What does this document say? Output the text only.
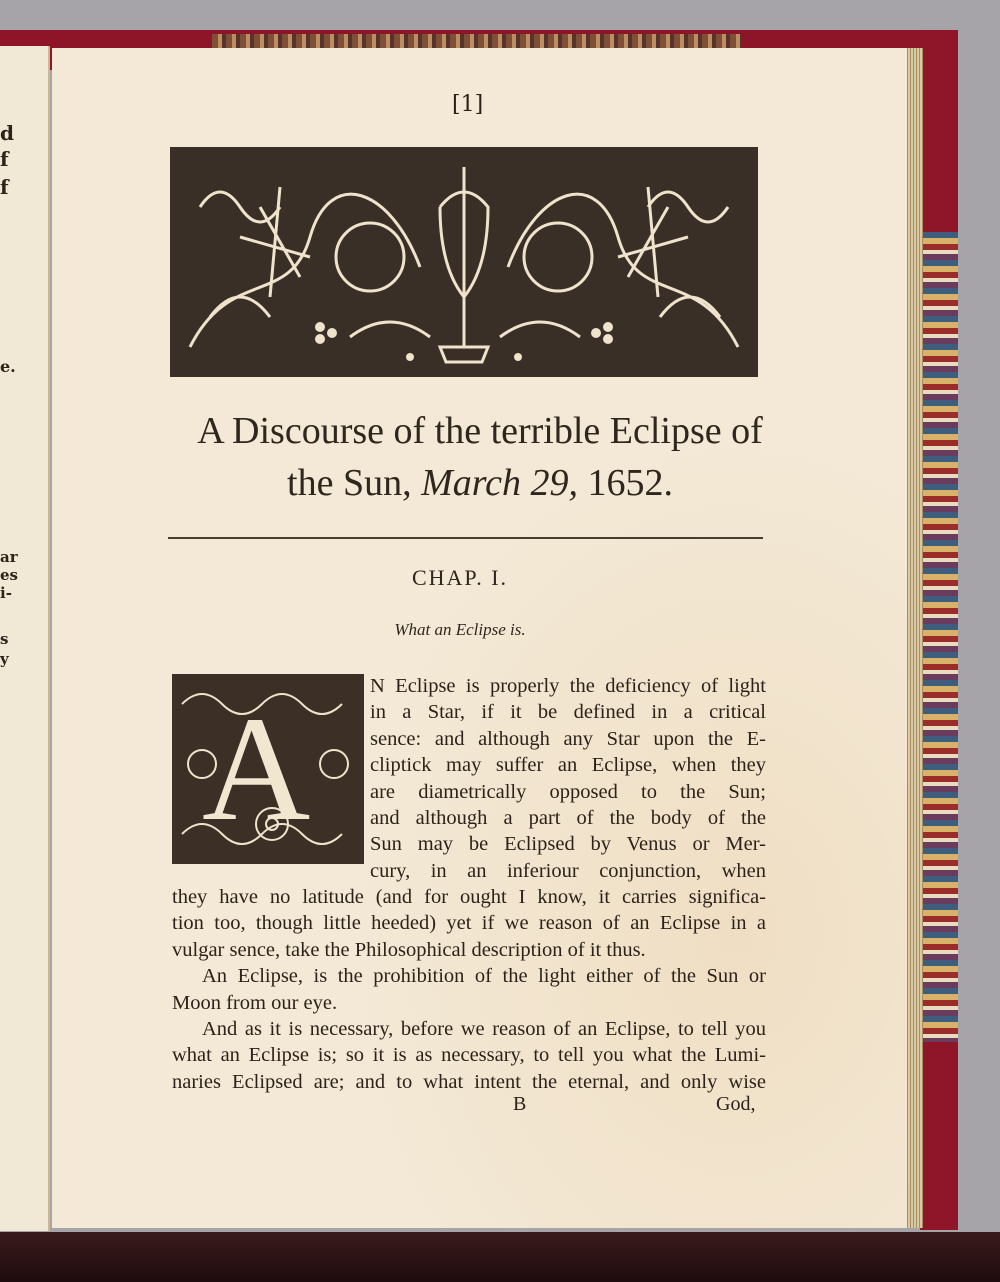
d
f
f
e.
ar
es
i-
s
y
[1]
A Discourse of the terrible Eclipse of
the Sun, March 29, 1652.
CHAP. I.
What an Eclipse is.
A	N Eclipse is properly the deficiency of light
in a Star, if it be defined in a critical
sence: and although any Star upon the E-
cliptick may suffer an Eclipse, when they
are diametrically opposed to the Sun;
and although a part of the body of the
Sun may be Eclipsed by Venus or Mer-
cury, in an inferiour conjunction, when
they have no latitude (and for ought I know, it carries significa-
tion too, though little heeded) yet if we reason of an Eclipse in a
vulgar sence, take the Philosophical description of it thus.
An Eclipse, is the prohibition of the light either of the Sun or
Moon from our eye.
And as it is necessary, before we reason of an Eclipse, to tell you
what an Eclipse is; so it is as necessary, to tell you what the Lumi-
naries Eclipsed are; and to what intent the eternal, and only wise
B	God,
